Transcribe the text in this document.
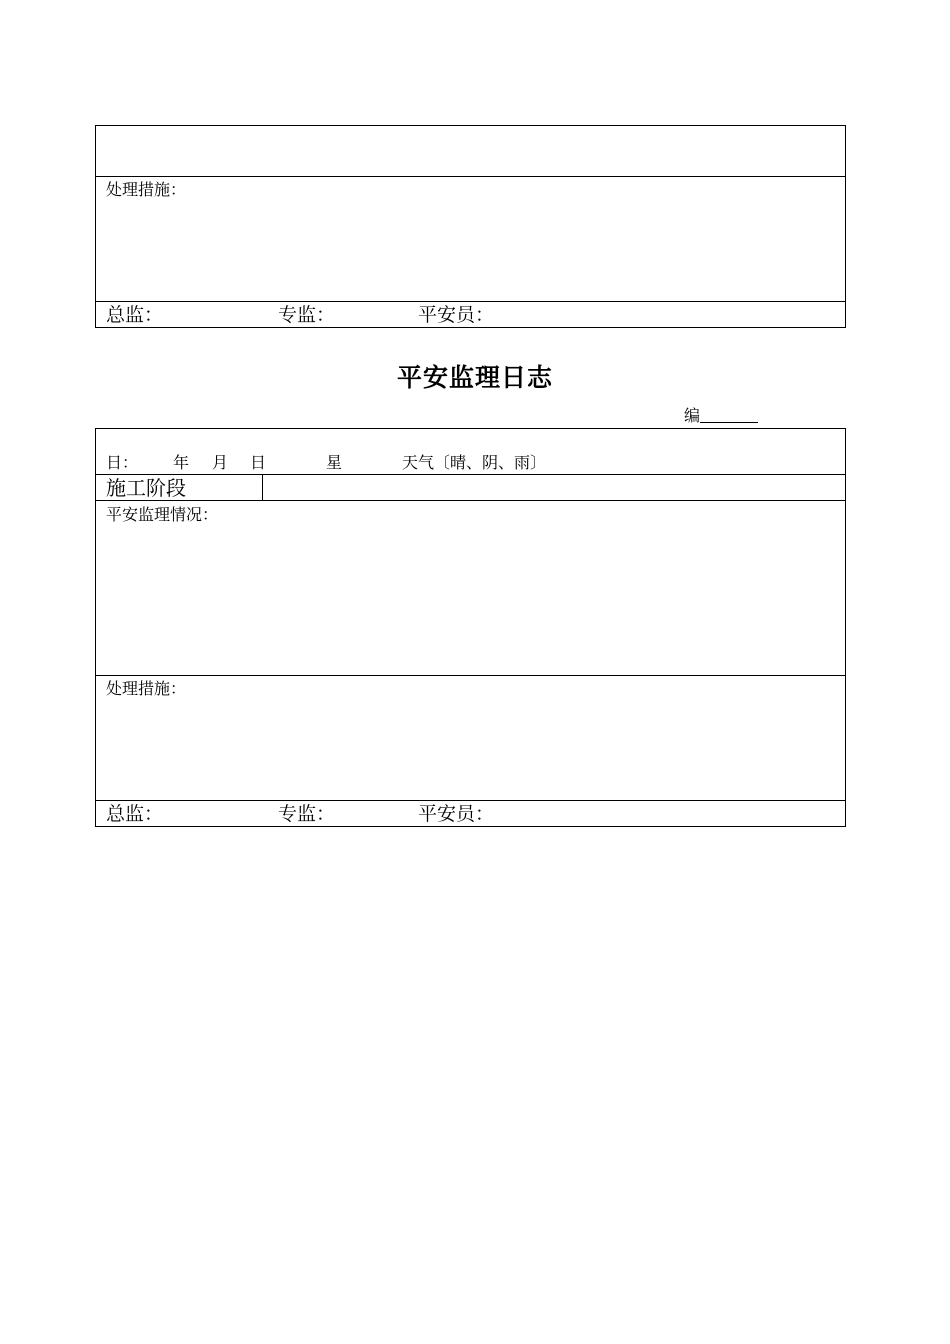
处理措施：
总监：	专监：	平安员：
平安监理日志
编
日： 年 月 日	星	天气〔晴、阴、雨〕
施工阶段
平安监理情况：
处理措施：
总监：	专监：	平安员：
